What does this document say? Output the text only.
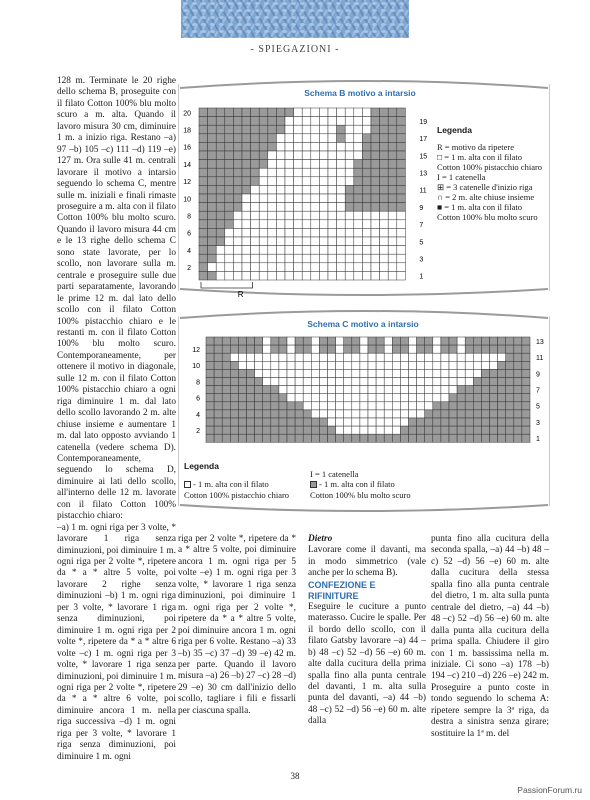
- SPIEGAZIONI -

128 m. Terminate le 20 righe dello schema B, proseguite con il filato Cotton 100% blu molto scuro a m. alta. Quando il lavoro misura 30 cm, diminuire 1 m. a inizio riga. Restano –a) 97 –b) 105 –c) 111 –d) 119 –e) 127 m. Ora sulle 41 m. centrali lavorare il motivo a intarsio seguendo lo schema C, mentre sulle m. iniziali e finali rimaste proseguire a m. alta con il filato Cotton 100% blu molto scuro. Quando il lavoro misura 44 cm e le 13 righe dello schema C sono state lavorate, per lo scollo, non lavorare sulla m. centrale e proseguire sulle due parti separatamente, lavorando le prime 12 m. dal lato dello scollo con il filato Cotton 100% pistacchio chiaro e le restanti m. con il filato Cotton 100% blu molto scuro. Contemporaneamente, per ottenere il motivo in diagonale, sulle 12 m. con il filato Cotton 100% pistacchio chiaro a ogni riga diminuire 1 m. dal lato dello scollo lavorando 2 m. alte chiuse insieme e aumentare 1 m. dal lato opposto avviando 1 catenella (vedere schema D). Contemporaneamente, seguendo lo schema D, diminuire ai lati dello scollo, all'interno delle 12 m. lavorate con il filato Cotton 100% pistacchio chiaro:

–a) 1 m. ogni riga per 3 volte, * lavorare 1 riga senza diminuzioni, poi diminuire 1 m. ogni riga per 2 volte *, ripetere da * a * altre 5 volte, poi lavorare 2 righe senza diminuzioni –b) 1 m. ogni riga per 3 volte, * lavorare 1 riga senza diminuzioni, poi diminuire 1 m. ogni riga per 2 volte *, ripetere da * a * altre 6 volte –c) 1 m. ogni riga per 3 volte, * lavorare 1 riga senza diminuzioni, poi diminuire 1 m. ogni riga per 2 volte *, ripetere da * a * altre 6 volte, poi diminuire ancora 1 m. nella riga successiva –d) 1 m. ogni riga per 3 volte, * lavorare 1 riga senza diminuzioni, poi diminuire 1 m. ogni

Schema B motivo a intarsio
20
18
16
14
12
10
8
6
4
2
19
17
15
13
11
9
7
5
3
1
R
Legenda
R = motivo da ripetere
□ = 1 m. alta con il filato
Cotton 100% pistacchio chiaro
I = 1 catenella
⊞ = 3 catenelle d'inizio riga
∩ = 2 m. alte chiuse insieme
■ = 1 m. alta con il filato
Cotton 100% blu molto scuro
Schema C motivo a intarsio
12
10
8
6
4
2
13
11
9
7
5
3
1
Legenda
- 1 m. alta con il filato
Cotton 100% pistacchio chiaro
I = 1 catenella
- 1 m. alta con il filato
Cotton 100% blu molto scuro

riga per 2 volte *, ripetere da * a * altre 5 volte, poi diminuire ancora 1 m. ogni riga per 5 volte –e) 1 m. ogni riga per 3 volte, * lavorare 1 riga senza diminuzioni, poi diminuire 1 m. ogni riga per 2 volte *, ripetere da * a * altre 5 volte, poi diminuire ancora 1 m. ogni riga per 6 volte. Restano –a) 33 –b) 35 –c) 37 –d) 39 –e) 42 m. per parte. Quando il lavoro misura –a) 26 –b) 27 –c) 28 –d) 29 –e) 30 cm dall'inizio dello scollo, tagliare i fili e fissarli per ciascuna spalla.

Dietro

Lavorare come il davanti, ma in modo simmetrico (vale anche per lo schema B).

CONFEZIONE E RIFINITURE

Eseguire le cuciture a punto materasso. Cucire le spalle. Per il bordo dello scollo, con il filato Gatsby lavorare –a) 44 –b) 48 –c) 52 –d) 56 –e) 60 m. alte dalla cucitura della prima spalla fino alla punta centrale del davanti, 1 m. alta sulla punta del davanti, –a) 44 –b) 48 –c) 52 –d) 56 –e) 60 m. alte dalla

punta fino alla cucitura della seconda spalla, –a) 44 –b) 48 –c) 52 –d) 56 –e) 60 m. alte dalla cucitura della stessa spalla fino alla punta centrale del dietro, 1 m. alta sulla punta centrale del dietro, –a) 44 –b) 48 –c) 52 –d) 56 –e) 60 m. alte dalla punta alla cucitura della prima spalla. Chiudere il giro con 1 m. bassissima nella m. iniziale. Ci sono –a) 178 –b) 194 –c) 210 –d) 226 –e) 242 m. Proseguire a punto coste in tondo seguendo lo schema A: ripetere sempre la 3ª riga, da destra a sinistra senza girare; sostituire la 1ª m. del

38
PassionForum.ru
